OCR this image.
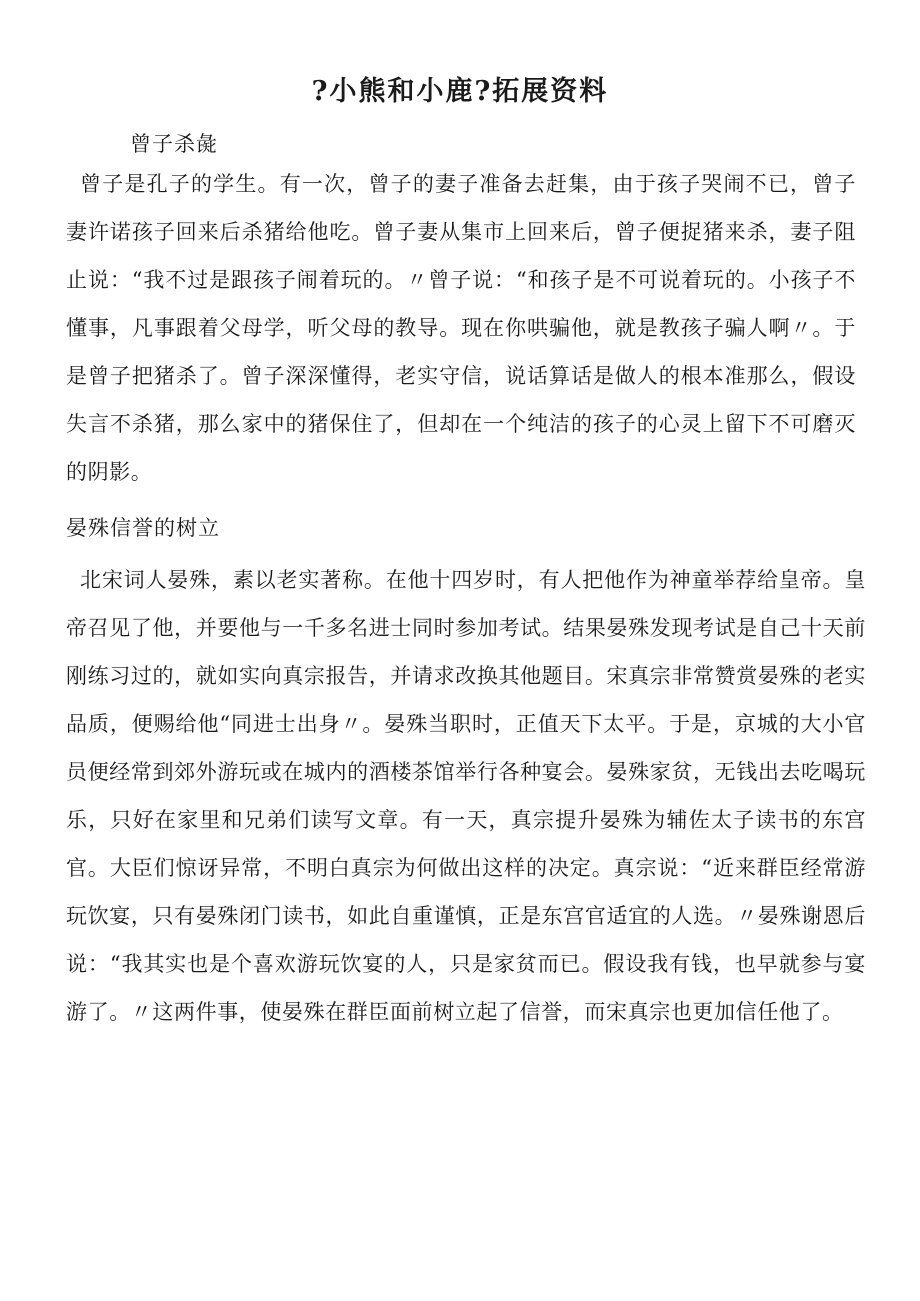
?小熊和小鹿?拓展资料
曾子杀彘

曾子是孔子的学生。有一次，曾子的妻子准备去赶集，由于孩子哭闹不已，曾子妻许诺孩子回来后杀猪给他吃。曾子妻从集市上回来后，曾子便捉猪来杀，妻子阻止说：“我不过是跟孩子闹着玩的。〃曾子说：“和孩子是不可说着玩的。小孩子不懂事，凡事跟着父母学，听父母的教导。现在你哄骗他，就是教孩子骗人啊〃。于是曾子把猪杀了。曾子深深懂得，老实守信，说话算话是做人的根本准那么，假设失言不杀猪，那么家中的猪保住了，但却在一个纯洁的孩子的心灵上留下不可磨灭的阴影。

晏殊信誉的树立

北宋词人晏殊，素以老实著称。在他十四岁时，有人把他作为神童举荐给皇帝。皇帝召见了他，并要他与一千多名进士同时参加考试。结果晏殊发现考试是自己十天前刚练习过的，就如实向真宗报告，并请求改换其他题目。宋真宗非常赞赏晏殊的老实品质，便赐给他“同进士出身〃。晏殊当职时，正值天下太平。于是，京城的大小官员便经常到郊外游玩或在城内的酒楼茶馆举行各种宴会。晏殊家贫，无钱出去吃喝玩乐，只好在家里和兄弟们读写文章。有一天，真宗提升晏殊为辅佐太子读书的东宫官。大臣们惊讶异常，不明白真宗为何做出这样的决定。真宗说：“近来群臣经常游玩饮宴，只有晏殊闭门读书，如此自重谨慎，正是东宫官适宜的人选。〃晏殊谢恩后说：“我其实也是个喜欢游玩饮宴的人，只是家贫而已。假设我有钱，也早就参与宴游了。〃这两件事，使晏殊在群臣面前树立起了信誉，而宋真宗也更加信任他了。
